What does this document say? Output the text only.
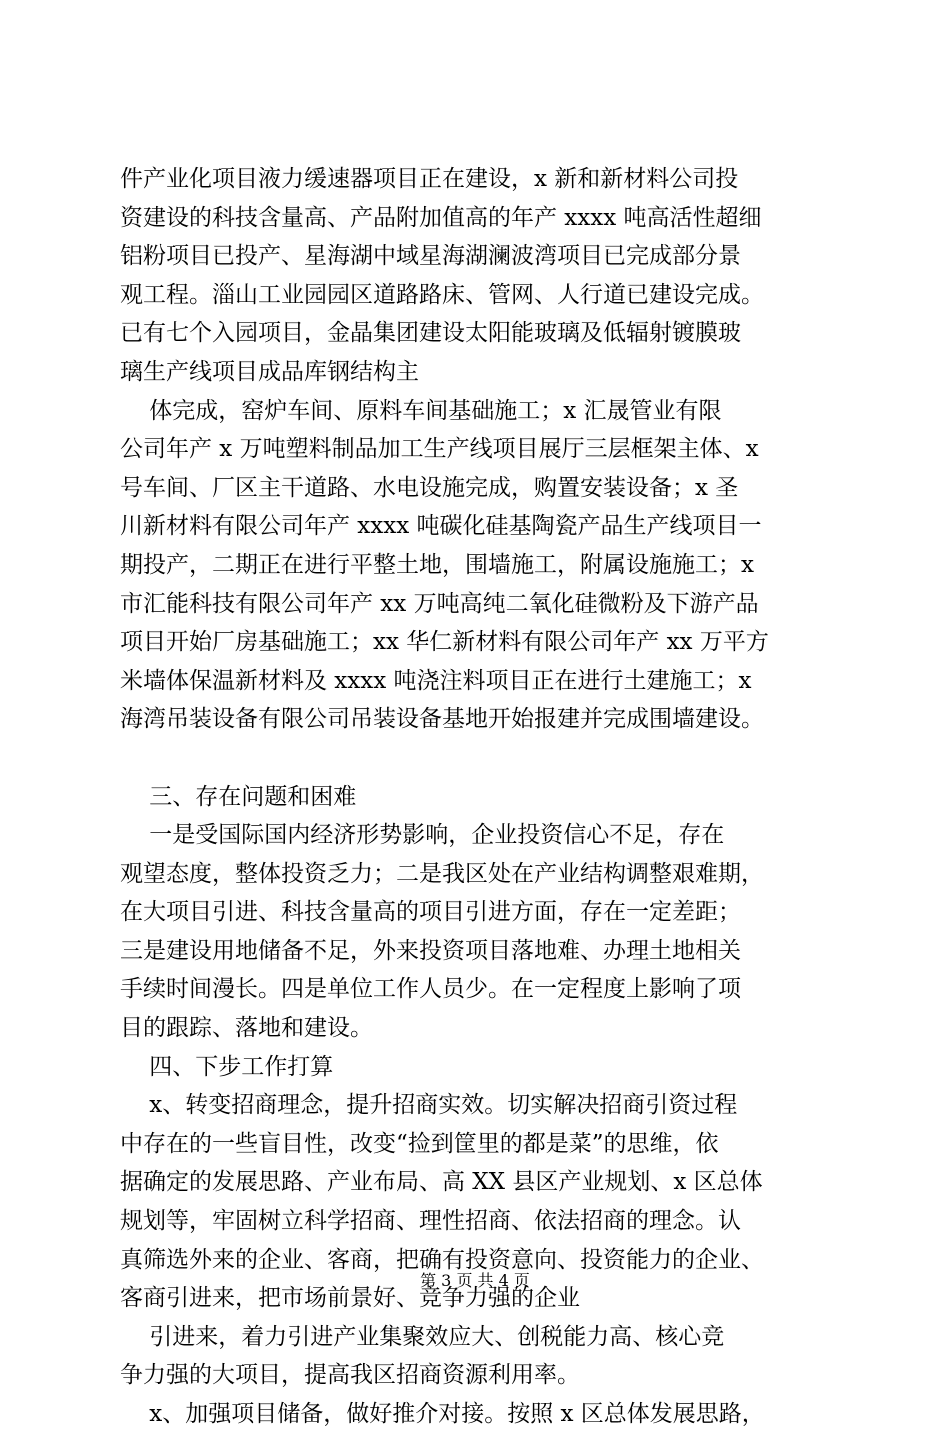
件产业化项目液力缓速器项目正在建设，x 新和新材料公司投
资建设的科技含量高、产品附加值高的年产 xxxx 吨高活性超细
铝粉项目已投产、星海湖中域星海湖澜波湾项目已完成部分景
观工程。淄山工业园园区道路路床、管网、人行道已建设完成。
已有七个入园项目，金晶集团建设太阳能玻璃及低辐射镀膜玻
璃生产线项目成品库钢结构主
体完成，窑炉车间、原料车间基础施工；x 汇晟管业有限
公司年产 x 万吨塑料制品加工生产线项目展厅三层框架主体、x
号车间、厂区主干道路、水电设施完成，购置安装设备；x 圣
川新材料有限公司年产 xxxx 吨碳化硅基陶瓷产品生产线项目一
期投产，二期正在进行平整土地，围墙施工，附属设施施工；x
市汇能科技有限公司年产 xx 万吨高纯二氧化硅微粉及下游产品
项目开始厂房基础施工；xx 华仁新材料有限公司年产 xx 万平方
米墙体保温新材料及 xxxx 吨浇注料项目正在进行土建施工；x
海湾吊装设备有限公司吊装设备基地开始报建并完成围墙建设。
三、存在问题和困难
一是受国际国内经济形势影响，企业投资信心不足，存在
观望态度，整体投资乏力；二是我区处在产业结构调整艰难期，
在大项目引进、科技含量高的项目引进方面，存在一定差距；
三是建设用地储备不足，外来投资项目落地难、办理土地相关
手续时间漫长。四是单位工作人员少。在一定程度上影响了项
目的跟踪、落地和建设。
四、下步工作打算
x、转变招商理念，提升招商实效。切实解决招商引资过程
中存在的一些盲目性，改变“捡到筐里的都是菜”的思维，依
据确定的发展思路、产业布局、高 XX 县区产业规划、x 区总体
规划等，牢固树立科学招商、理性招商、依法招商的理念。认
真筛选外来的企业、客商，把确有投资意向、投资能力的企业、
客商引进来，把市场前景好、竞争力强的企业
引进来，着力引进产业集聚效应大、创税能力高、核心竞
争力强的大项目，提高我区招商资源利用率。
x、加强项目储备，做好推介对接。按照 x 区总体发展思路，
第 3 页 共 4 页
